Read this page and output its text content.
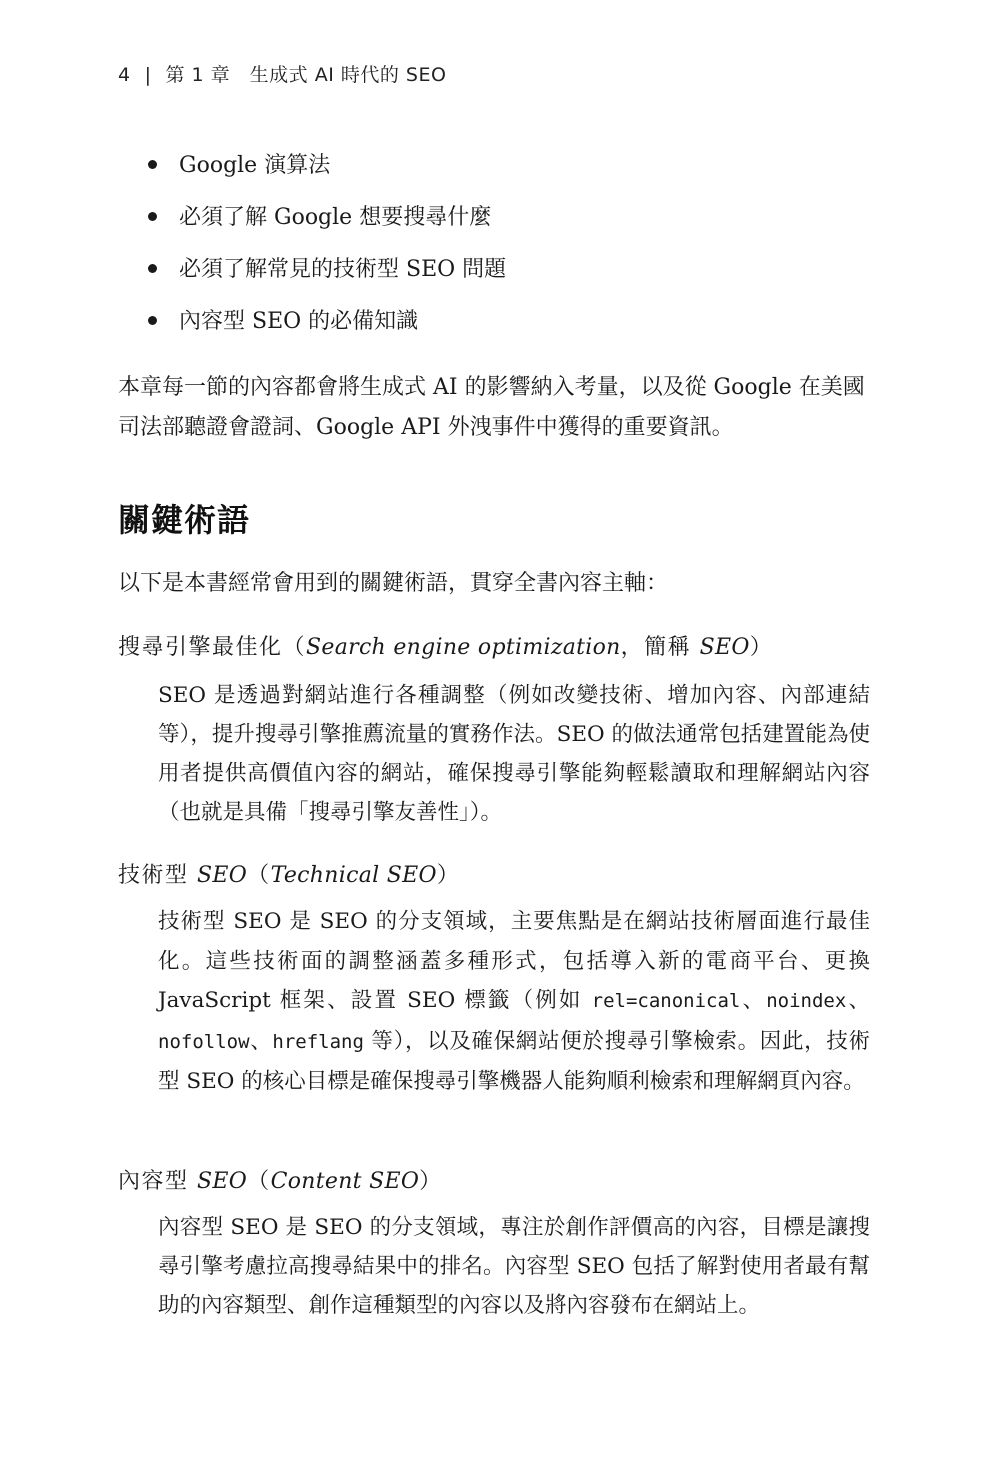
4 | 第 1 章　生成式 AI 時代的 SEO
Google 演算法
必須了解 Google 想要搜尋什麼
必須了解常見的技術型 SEO 問題
內容型 SEO 的必備知識

本章每一節的內容都會將生成式 AI 的影響納入考量，以及從 Google 在美國司法部聽證會證詞、Google API 外洩事件中獲得的重要資訊。

關鍵術語

以下是本書經常會用到的關鍵術語，貫穿全書內容主軸：

搜尋引擎最佳化（Search engine optimization，簡稱 SEO）

SEO 是透過對網站進行各種調整（例如改變技術、增加內容、內部連結等），提升搜尋引擎推薦流量的實務作法。SEO 的做法通常包括建置能為使用者提供高價值內容的網站，確保搜尋引擎能夠輕鬆讀取和理解網站內容（也就是具備「搜尋引擎友善性」）。

技術型 SEO（Technical SEO）

技術型 SEO 是 SEO 的分支領域，主要焦點是在網站技術層面進行最佳化。這些技術面的調整涵蓋多種形式，包括導入新的電商平台、更換 JavaScript 框架、設置 SEO 標籤（例如 rel=canonical、noindex、nofollow、hreflang 等），以及確保網站便於搜尋引擎檢索。因此，技術型 SEO 的核心目標是確保搜尋引擎機器人能夠順利檢索和理解網頁內容。

內容型 SEO（Content SEO）

內容型 SEO 是 SEO 的分支領域，專注於創作評價高的內容，目標是讓搜尋引擎考慮拉高搜尋結果中的排名。內容型 SEO 包括了解對使用者最有幫助的內容類型、創作這種類型的內容以及將內容發布在網站上。
